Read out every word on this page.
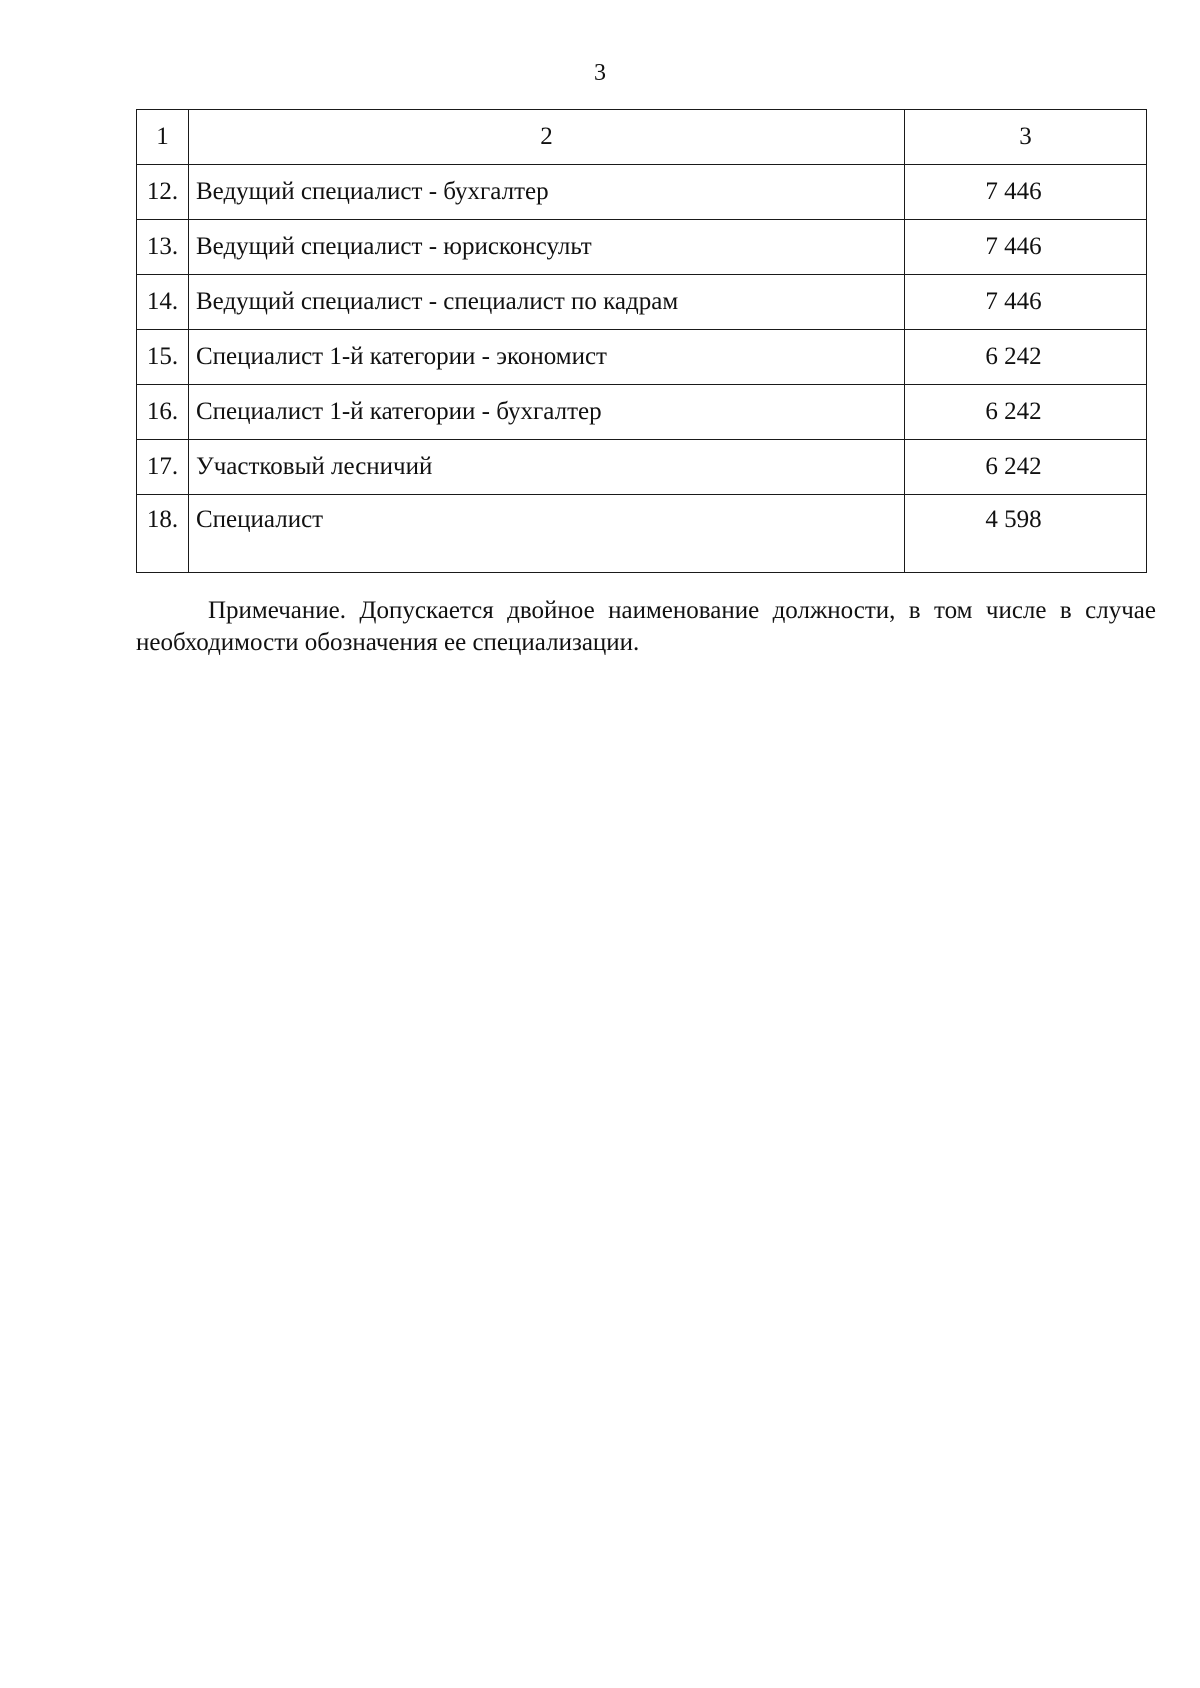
3
1	2	3
12.	Ведущий специалист - бухгалтер	7 446
13.	Ведущий специалист - юрисконсульт	7 446
14.	Ведущий специалист - специалист по кадрам	7 446
15.	Специалист 1-й категории - экономист	6 242
16.	Специалист 1-й категории - бухгалтер	6 242
17.	Участковый лесничий	6 242
18.	Специалист	4 598
Примечание. Допускается двойное наименование должности, в том числе в случае необходимости обозначения ее специализации.
